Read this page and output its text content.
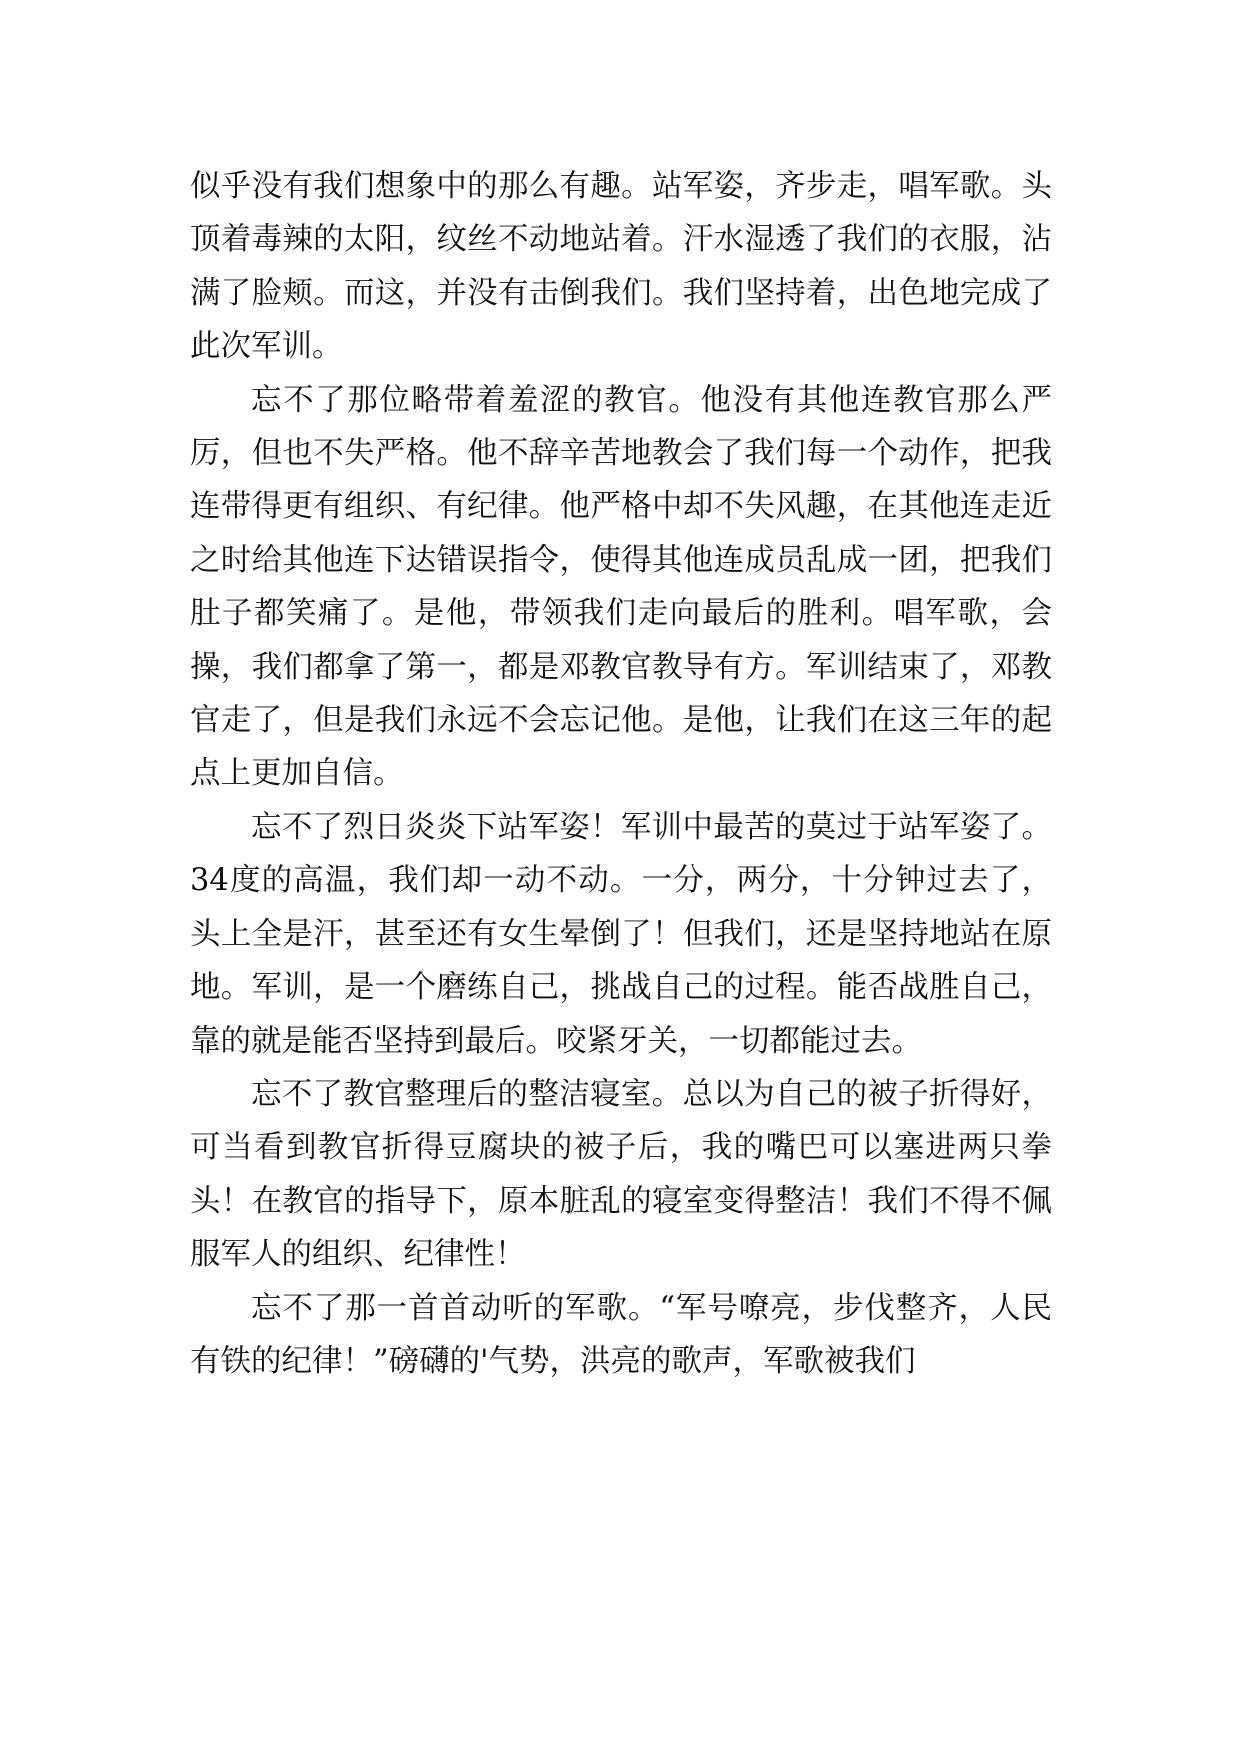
似乎没有我们想象中的那么有趣。站军姿，齐步走，唱军歌。头顶着毒辣的太阳，纹丝不动地站着。汗水湿透了我们的衣服，沾满了脸颊。而这，并没有击倒我们。我们坚持着，出色地完成了此次军训。

忘不了那位略带着羞涩的教官。他没有其他连教官那么严厉，但也不失严格。他不辞辛苦地教会了我们每一个动作，把我连带得更有组织、有纪律。他严格中却不失风趣，在其他连走近之时给其他连下达错误指令，使得其他连成员乱成一团，把我们肚子都笑痛了。是他，带领我们走向最后的胜利。唱军歌，会操，我们都拿了第一，都是邓教官教导有方。军训结束了，邓教官走了，但是我们永远不会忘记他。是他，让我们在这三年的起点上更加自信。

忘不了烈日炎炎下站军姿！军训中最苦的莫过于站军姿了。34度的高温，我们却一动不动。一分，两分，十分钟过去了，头上全是汗，甚至还有女生晕倒了！但我们，还是坚持地站在原地。军训，是一个磨练自己，挑战自己的过程。能否战胜自己，靠的就是能否坚持到最后。咬紧牙关，一切都能过去。

忘不了教官整理后的整洁寝室。总以为自己的被子折得好，可当看到教官折得豆腐块的被子后，我的嘴巴可以塞进两只拳头！在教官的指导下，原本脏乱的寝室变得整洁！我们不得不佩服军人的组织、纪律性！

忘不了那一首首动听的军歌。“军号嘹亮，步伐整齐，人民有铁的纪律！”磅礴的'气势，洪亮的歌声，军歌被我们
